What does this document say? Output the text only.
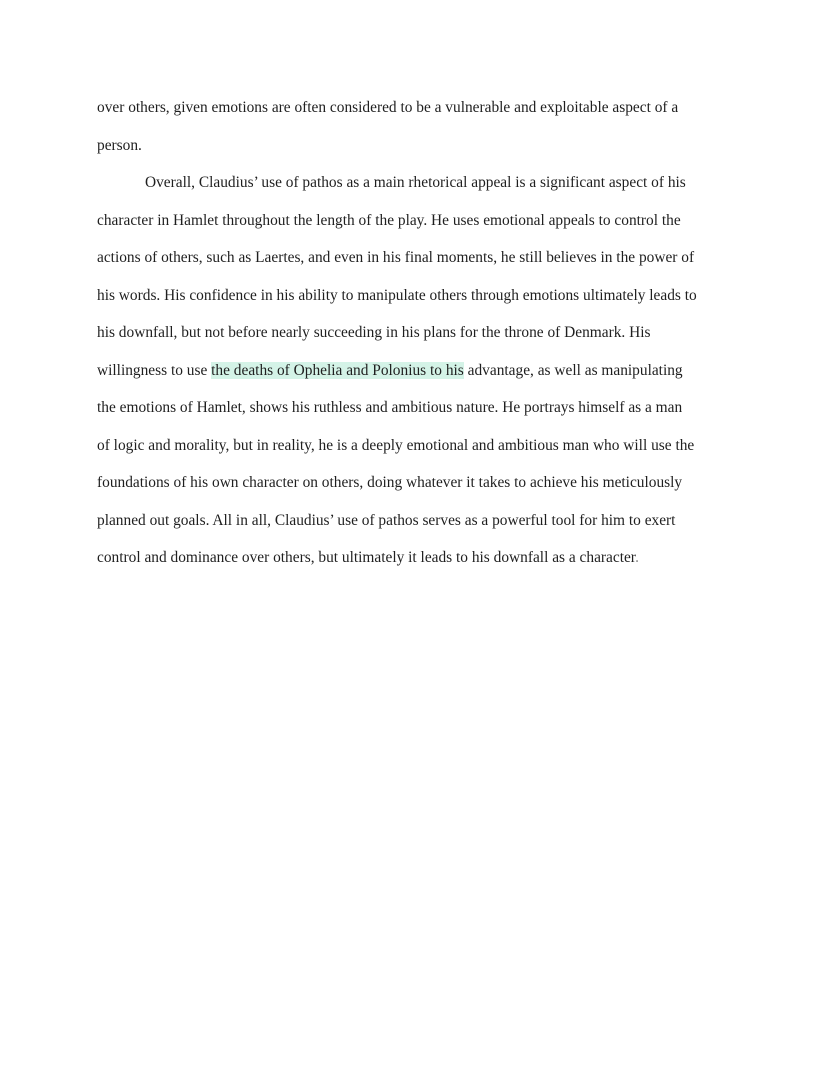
over others, given emotions are often considered to be a vulnerable and exploitable aspect of a
person.
Overall, Claudius’ use of pathos as a main rhetorical appeal is a significant aspect of his
character in Hamlet throughout the length of the play. He uses emotional appeals to control the
actions of others, such as Laertes, and even in his final moments, he still believes in the power of
his words. His confidence in his ability to manipulate others through emotions ultimately leads to
his downfall, but not before nearly succeeding in his plans for the throne of Denmark. His
willingness to use the deaths of Ophelia and Polonius to his advantage, as well as manipulating
the emotions of Hamlet, shows his ruthless and ambitious nature. He portrays himself as a man
of logic and morality, but in reality, he is a deeply emotional and ambitious man who will use the
foundations of his own character on others, doing whatever it takes to achieve his meticulously
planned out goals. All in all, Claudius’ use of pathos serves as a powerful tool for him to exert
control and dominance over others, but ultimately it leads to his downfall as a character.
